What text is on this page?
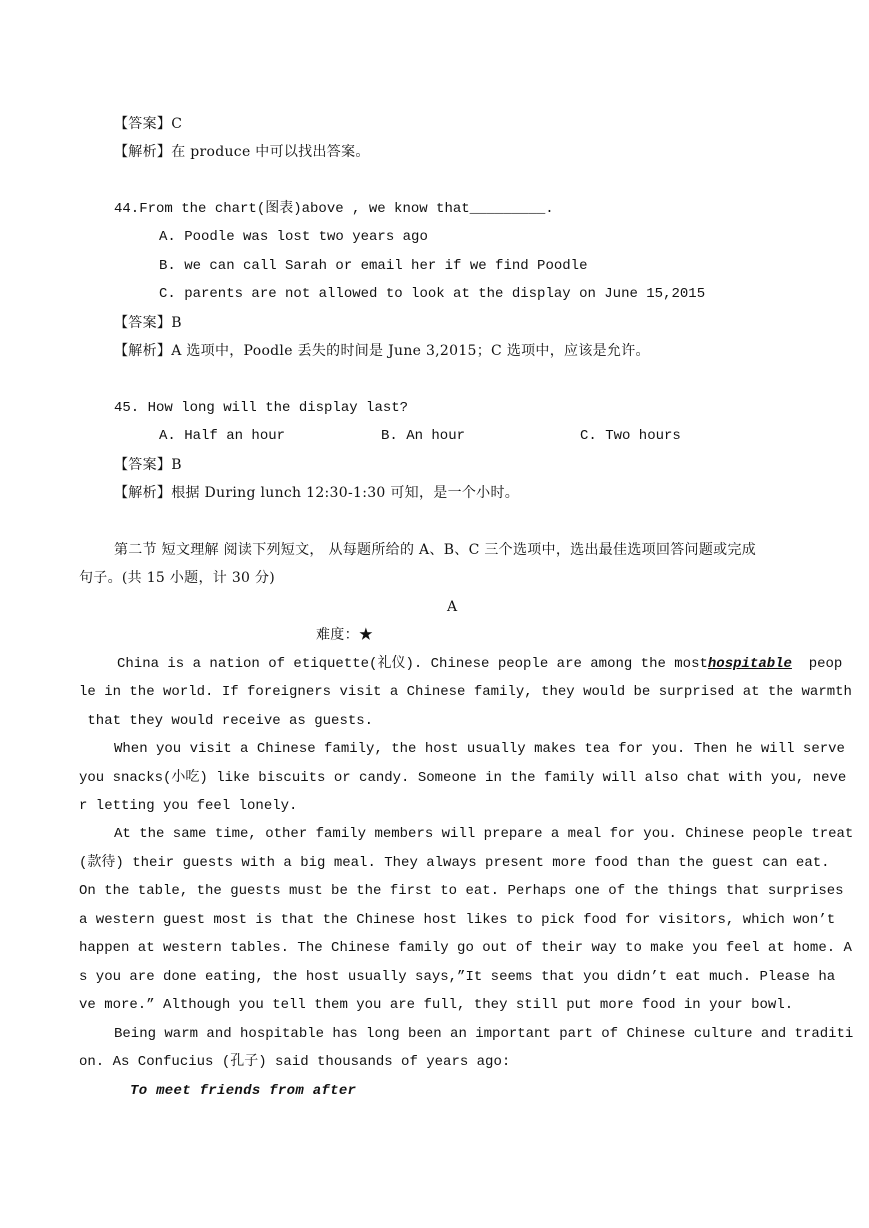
【答案】C
【解析】在 produce 中可以找出答案。
44.From the chart(图表)above , we know that_________.
A. Poodle was lost two years ago
B. we can call Sarah or email her if we find Poodle
C. parents are not allowed to look at the display on June 15,2015
【答案】B
【解析】A 选项中，Poodle 丢失的时间是 June 3,2015；C 选项中，应该是允许。
45. How long will the display last?
A. Half an hour	B. An hour	C. Two hours
【答案】B
【解析】根据 During lunch 12:30-1:30 可知，是一个小时。
第二节 短文理解 阅读下列短文， 从每题所给的 A、B、C 三个选项中，选出最佳选项回答问题或完成
句子。(共 15 小题，计 30 分)
A
难度：★
China is a nation of etiquette(礼仪). Chinese people are among the mosthospitable  peop
le in the world. If foreigners visit a Chinese family, they would be surprised at the warmth
that they would receive as guests.
When you visit a Chinese family, the host usually makes tea for you. Then he will serve
you snacks(小吃) like biscuits or candy. Someone in the family will also chat with you, neve
r letting you feel lonely.
At the same time, other family members will prepare a meal for you. Chinese people treat
(款待) their guests with a big meal. They always present more food than the guest can eat.
On the table, the guests must be the first to eat. Perhaps one of the things that surprises
a western guest most is that the Chinese host likes to pick food for visitors, which won’t
happen at western tables. The Chinese family go out of their way to make you feel at home. A
s you are done eating, the host usually says,”It seems that you didn’t eat much. Please ha
ve more.” Although you tell them you are full, they still put more food in your bowl.
Being warm and hospitable has long been an important part of Chinese culture and traditi
on. As Confucius (孔子) said thousands of years ago:
To meet friends from after
